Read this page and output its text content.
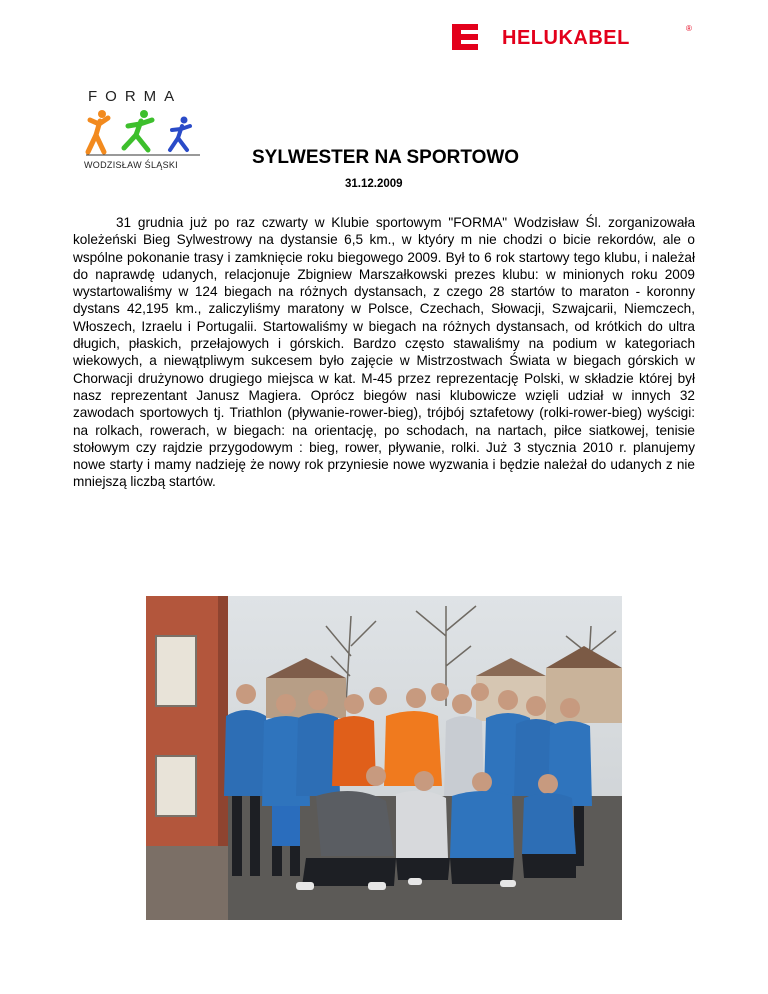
HELUKABEL	®
FORMA
WODZISŁAW ŚLĄSKI	SYLWESTER NA SPORTOWO
31.12.2009

31 grudnia już po raz czwarty w Klubie sportowym "FORMA" Wodzisław Śl. zorganizowała koleżeński Bieg Sylwestrowy na dystansie 6,5 km., w ktyóry m nie chodzi o bicie rekordów, ale o wspólne pokonanie trasy i zamknięcie roku biegowego 2009. Był to 6 rok startowy tego klubu, i należał do naprawdę udanych, relacjonuje Zbigniew Marszałkowski prezes klubu: w minionych roku 2009 wystartowaliśmy w 124 biegach na różnych dystansach, z czego 28 startów to maraton - koronny dystans 42,195 km., zaliczyliśmy maratony w Polsce, Czechach, Słowacji, Szwajcarii, Niemczech, Włoszech, Izraelu i Portugalii. Startowaliśmy w biegach na różnych dystansach, od krótkich do ultra długich, płaskich, przełajowych i górskich. Bardzo często stawaliśmy na podium w kategoriach wiekowych, a niewątpliwym sukcesem było zajęcie w Mistrzostwach Świata w biegach górskich w Chorwacji drużynowo drugiego miejsca w kat. M-45 przez reprezentację Polski, w składzie której był nasz reprezentant Janusz Magiera. Oprócz biegów nasi klubowicze wzięli udział w innych 32 zawodach sportowych tj. Triathlon (pływanie-rower-bieg), trójbój sztafetowy (rolki-rower-bieg) wyścigi: na rolkach, rowerach, w biegach: na orientację, po schodach, na nartach, piłce siatkowej, tenisie stołowym czy rajdzie przygodowym : bieg, rower, pływanie, rolki. Już 3 stycznia 2010 r. planujemy nowe starty i mamy nadzieję że nowy rok przyniesie nowe wyzwania i będzie należał do udanych z nie mniejszą liczbą startów.
